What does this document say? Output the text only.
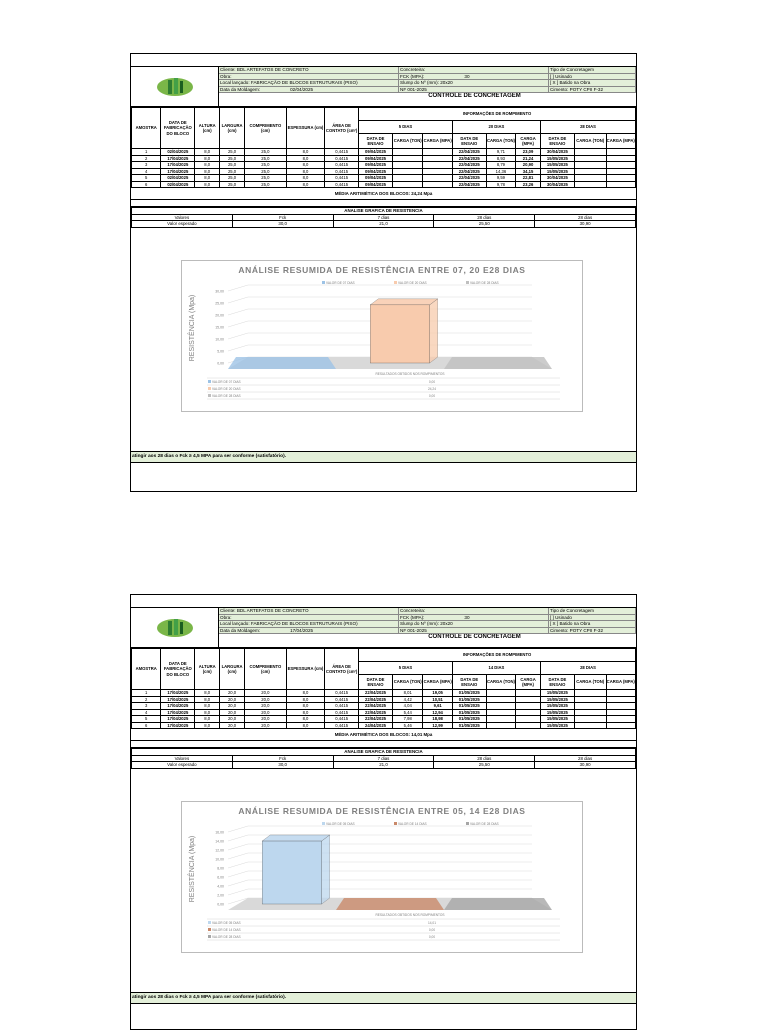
Cliente: BDL ARTEFATOS DE CONCRETO	Concreteira:	Tipo de Concretagem
Obra:	FCK (MPA):	30	[ ] Usinado
Local lançado: FABRICAÇÃO DE BLOCOS ESTRUTURAIS (PISO)	Slump do Nº (mm): 20x20	[ X ] Batido na Obra
Data da Moldagem:	02/04/2025	NF 001-2025	Cimento: POTY CPII F-32
CONTROLE DE CONCRETAGEM
AMOSTRA	DATA DE FABRICAÇÃO DO BLOCO	ALTURA (cm)	LARGURA (cm)	COMPRIMENTO (cm)	ESPESSURA (cm)	ÁREA DE CONTATO (cm²)	INFORMAÇÕES DE ROMPIMENTO								
							5 DIAS			20 DIAS			28 DIAS		
							DATA DE ENSAIO	CARGA (TON)	CARGA (MPA)	DATA DE ENSAIO	CARGA (TON)	CARGA (MPA)	DATA DE ENSAIO	CARGA (TON)	CARGA (MPA)
1	02/04/2025	8,0	25,0	25,0	8,0	0,4415	09/04/2025			22/04/2025	9,71	23,09	30/04/2025		
2	17/04/2025	8,0	25,0	25,0	8,0	0,4415	09/04/2025			22/04/2025	8,93	21,24	15/05/2025		
3	17/04/2025	8,0	25,0	25,0	8,0	0,4415	09/04/2025			22/04/2025	8,79	20,90	15/05/2025		
4	17/04/2025	8,0	25,0	25,0	8,0	0,4415	09/04/2025			22/04/2025	14,36	34,15	15/05/2025		
5	02/04/2025	8,0	25,0	25,0	8,0	0,4415	09/04/2025			22/04/2025	9,59	22,81	30/04/2025		
6	02/04/2025	8,0	25,0	25,0	8,0	0,4415	09/04/2025			22/04/2025	9,78	23,26	30/04/2025		
MÉDIA ARITIMÉTICA DOS BLOCOS: 24,24 Mpa
ANALISE GRAFICA DE RESISTENCIA				
Valores	Fck	7 dias	28 dias	28 dias
Valor esperado	30,0	21,0	25,50	30,90
ANÁLISE RESUMIDA DE RESISTÊNCIA ENTRE 07, 20 E28 DIAS
RESISTÊNCIA (Mpa)
VALOR DE 07 DIAS	VALOR DE 20 DIAS	VALOR DE 28 DIAS
0,00
5,00
10,00
15,00
20,00
25,00
30,00
RESULTADOS OBTIDOS NOS ROMPIMENTOS
VALOR DE 07 DIAS	0,00
VALOR DE 20 DIAS	24,24
VALOR DE 28 DIAS	0,00
atingir aos 28 dias o Fck ≥ 4,5 MPA para ser conforme (satisfatório).
Cliente: BDL ARTEFATOS DE CONCRETO	Concreteira:	Tipo de Concretagem
Obra:	FCK (MPA):	30	[ ] Usinado
Local lançado: FABRICAÇÃO DE BLOCOS ESTRUTURAIS (PISO)	Slump do Nº (mm): 20x20	[ X ] Batido na Obra
Data da Moldagem:	17/04/2025	NF 001-2025	Cimento: POTY CPII F-32
CONTROLE DE CONCRETAGEM
AMOSTRA	DATA DE FABRICAÇÃO DO BLOCO	ALTURA (cm)	LARGURA (cm)	COMPRIMENTO (cm)	ESPESSURA (cm)	ÁREA DE CONTATO (cm²)	INFORMAÇÕES DE ROMPIMENTO								
							5 DIAS			14 DIAS			28 DIAS		
							DATA DE ENSAIO	CARGA (TON)	CARGA (MPA)	DATA DE ENSAIO	CARGA (TON)	CARGA (MPA)	DATA DE ENSAIO	CARGA (TON)	CARGA (MPA)
1	17/04/2025	8,0	20,0	20,0	8,0	0,4415	22/04/2025	8,01	19,05	01/05/2025			15/05/2025		
2	17/04/2025	8,0	20,0	20,0	8,0	0,4415	22/04/2025	4,42	10,51	01/05/2025			15/05/2025		
3	17/04/2025	8,0	20,0	20,0	8,0	0,4415	22/04/2025	4,04	9,61	01/05/2025			15/05/2025		
4	17/04/2025	8,0	20,0	20,0	8,0	0,4415	22/04/2025	5,44	12,94	01/05/2025			15/05/2025		
5	17/04/2025	8,0	20,0	20,0	8,0	0,4415	22/04/2025	7,98	18,98	01/05/2025			15/05/2025		
6	17/04/2025	8,0	20,0	20,0	8,0	0,4415	24/04/2025	5,46	12,99	01/05/2025			15/05/2025		
MÉDIA ARITIMÉTICA DOS BLOCOS: 14,01 Mpa
ANALISE GRAFICA DE RESISTENCIA				
Valores	Fck	7 dias	28 dias	28 dias
Valor esperado	30,0	21,0	25,50	30,90
ANÁLISE RESUMIDA DE RESISTÊNCIA ENTRE 05, 14 E28 DIAS
RESISTÊNCIA (Mpa)
VALOR DE 05 DIAS	VALOR DE 14 DIAS	VALOR DE 28 DIAS
0,00
2,00
4,00
6,00
8,00
10,00
12,00
14,00
16,00
RESULTADOS OBTIDOS NOS ROMPIMENTOS
VALOR DE 05 DIAS	14,01
VALOR DE 14 DIAS	0,00
VALOR DE 28 DIAS	0,00
atingir aos 28 dias o Fck ≥ 4,5 MPA para ser conforme (satisfatório).
